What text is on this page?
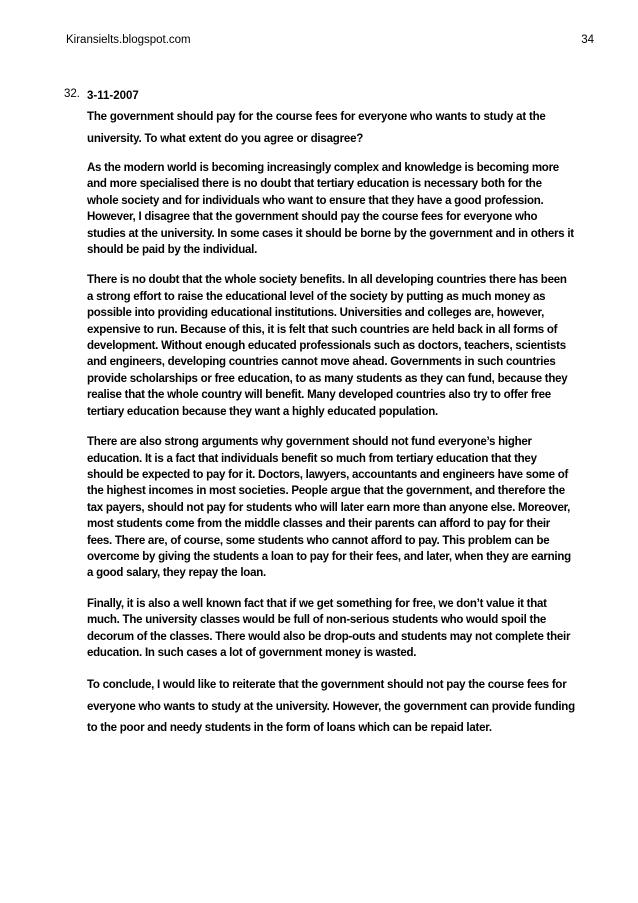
Kiransielts.blogspot.com	34
32. 3-11-2007
The government should pay for the course fees for everyone who wants to study at the university. To what extent do you agree or disagree?

As the modern world is becoming increasingly complex and knowledge is becoming more and more specialised there is no doubt that tertiary education is necessary both for the whole society and for individuals who want to ensure that they have a good profession. However, I disagree that the government should pay the course fees for everyone who studies at the university. In some cases it should be borne by the government and in others it should be paid by the individual.

There is no doubt that the whole society benefits. In all developing countries there has been a strong effort to raise the educational level of the society by putting as much money as possible into providing educational institutions. Universities and colleges are, however, expensive to run. Because of this, it is felt that such countries are held back in all forms of development. Without enough educated professionals such as doctors, teachers, scientists and engineers, developing countries cannot move ahead. Governments in such countries provide scholarships or free education, to as many students as they can fund, because they realise that the whole country will benefit. Many developed countries also try to offer free tertiary education because they want a highly educated population.

There are also strong arguments why government should not fund everyone’s higher education. It is a fact that individuals benefit so much from tertiary education that they should be expected to pay for it. Doctors, lawyers, accountants and engineers have some of the highest incomes in most societies. People argue that the government, and therefore the tax payers, should not pay for students who will later earn more than anyone else. Moreover, most students come from the middle classes and their parents can afford to pay for their fees. There are, of course, some students who cannot afford to pay. This problem can be overcome by giving the students a loan to pay for their fees, and later, when they are earning a good salary, they repay the loan.

Finally, it is also a well known fact that if we get something for free, we don’t value it that much. The university classes would be full of non-serious students who would spoil the decorum of the classes. There would also be drop-outs and students may not complete their education. In such cases a lot of government money is wasted.

To conclude, I would like to reiterate that the government should not pay the course fees for everyone who wants to study at the university. However, the government can provide funding to the poor and needy students in the form of loans which can be repaid later.
